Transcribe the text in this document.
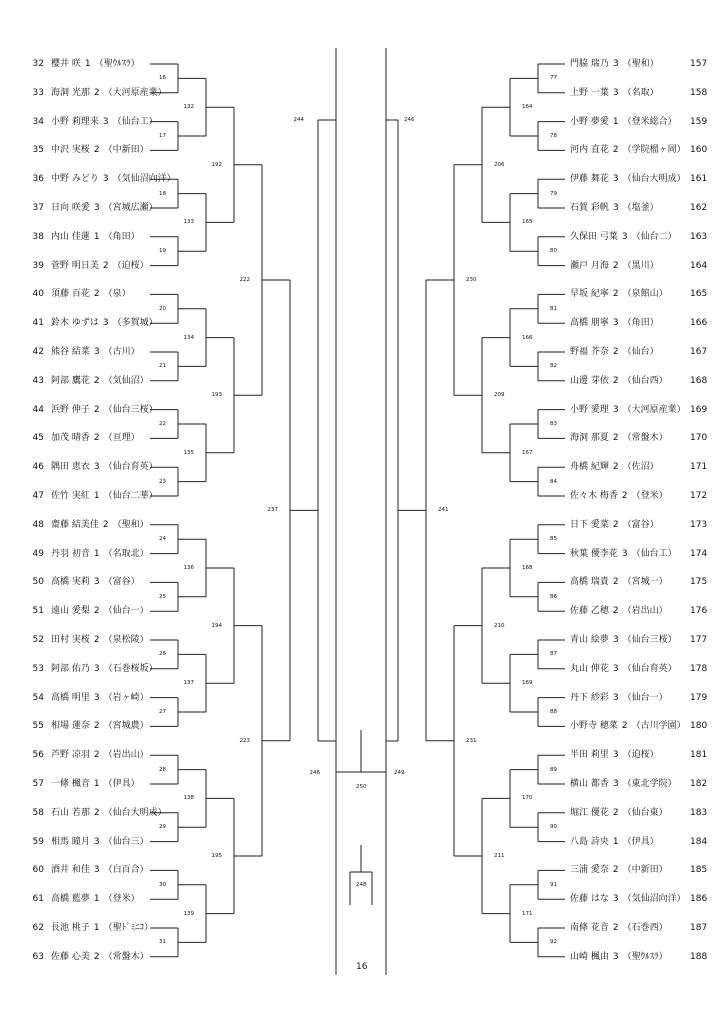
32 櫻井 咲 1 （聖ｳﾙｽﾗ）
33 海洞 光那 2 （大河原産業）
34 小野 莉理来 3 （仙台工）
35 中沢 実桜 2 （中新田）
36 中野 みどり 3 （気仙沼向洋）
37 日向 咲愛 3 （宮城広瀬）
38 内山 佳蓮 1 （角田）
39 菅野 明日美 2 （迫桜）
40 須藤 百花 2 （泉）
41 鈴木 ゆずは 3 （多賀城）
42 熊谷 結菜 3 （古川）
43 阿部 鷹花 2 （気仙沼）
44 浜野 伸子 2 （仙台三桜）
45 加茂 晴香 2 （亘理）
46 隅田 恵衣 3 （仙台育英）
47 佐竹 実紅 1 （仙台二華）
48 齋藤 結美佳 2 （聖和）
49 丹羽 初音 1 （名取北）
50 高橋 実莉 3 （富谷）
51 遠山 愛梨 2 （仙台一）
52 田村 実桜 2 （泉松陵）
53 阿部 佑乃 3 （石巻桜坂）
54 高橋 明里 3 （岩ヶ崎）
55 相場 蓮奈 2 （宮城農）
56 芦野 凉羽 2 （岩出山）
57 一條 楓音 1 （伊具）
58 石山 若那 2 （仙台大明成）
59 相馬 瞳月 3 （仙台三）
60 酒井 和佳 3 （白百合）
61 高橋 藍夢 1 （登米）
62 長池 桃子 1 （聖ﾄﾞﾐﾆｺ）
63 佐藤 心美 2 （常盤木）
門脇 瑞乃 3 （聖和）	157
上野 一葉 3 （名取）	158
小野 夢愛 1 （登米総合）	159
河内 直花 2 （学院榴ヶ岡） 160
伊藤 舞花 3 （仙台大明成） 161
石賀 彩帆 3 （塩釜）	162
久保田 弓葉 3 （仙台二）	163
瀬戸 月海 2 （黒川）	164
早坂 紀寧 2 （泉館山）	165
高橋 朋寧 3 （角田）	166
野福 芥奈 2 （仙台）	167
山邊 芽依 2 （仙台西）	168
小野 愛理 3 （大河原産業） 169
海洞 那夏 2 （常盤木）	170
舟橋 紀輝 2 （佐沼）	171
佐々木 梅香 2 （登米）	172
日下 愛菜 2 （富谷）	173
秋葉 優李花 3 （仙台工）	174
高橋 瑞貴 2 （宮城一）	175
佐藤 乙穂 2 （岩出山）	176
青山 絵夢 3 （仙台三桜）	177
丸山 伸花 3 （仙台育英）	178
丹下 紗彩 3 （仙台一）	179
小野寺 穂菜 2 （古川学園） 180
半田 莉里 3 （迫桜）	181
横山 都香 3 （東北学院）	182
堀江 優花 2 （仙台東）	183
八島 詩央 1 （伊具）	184
三浦 愛奈 2 （中新田）	185
佐藤 はな 3 （気仙沼向洋） 186
南條 花音 2 （石巻西）	187
山崎 楓由 3 （聖ｳﾙｽﾗ）	188
16
17
18
19
20
21
22
23
24
25
26
27
28
29
30
31
132
133
134
135
136
137
138
139
192
193
194
195
222
223
237
244
246
77
78
79
80
81
82
83
84
85
86
87
88
89
90
91
92
164
165
166
167
168
169
170
171
206
209
210
211
230
231
241
246
249
250
248
16
